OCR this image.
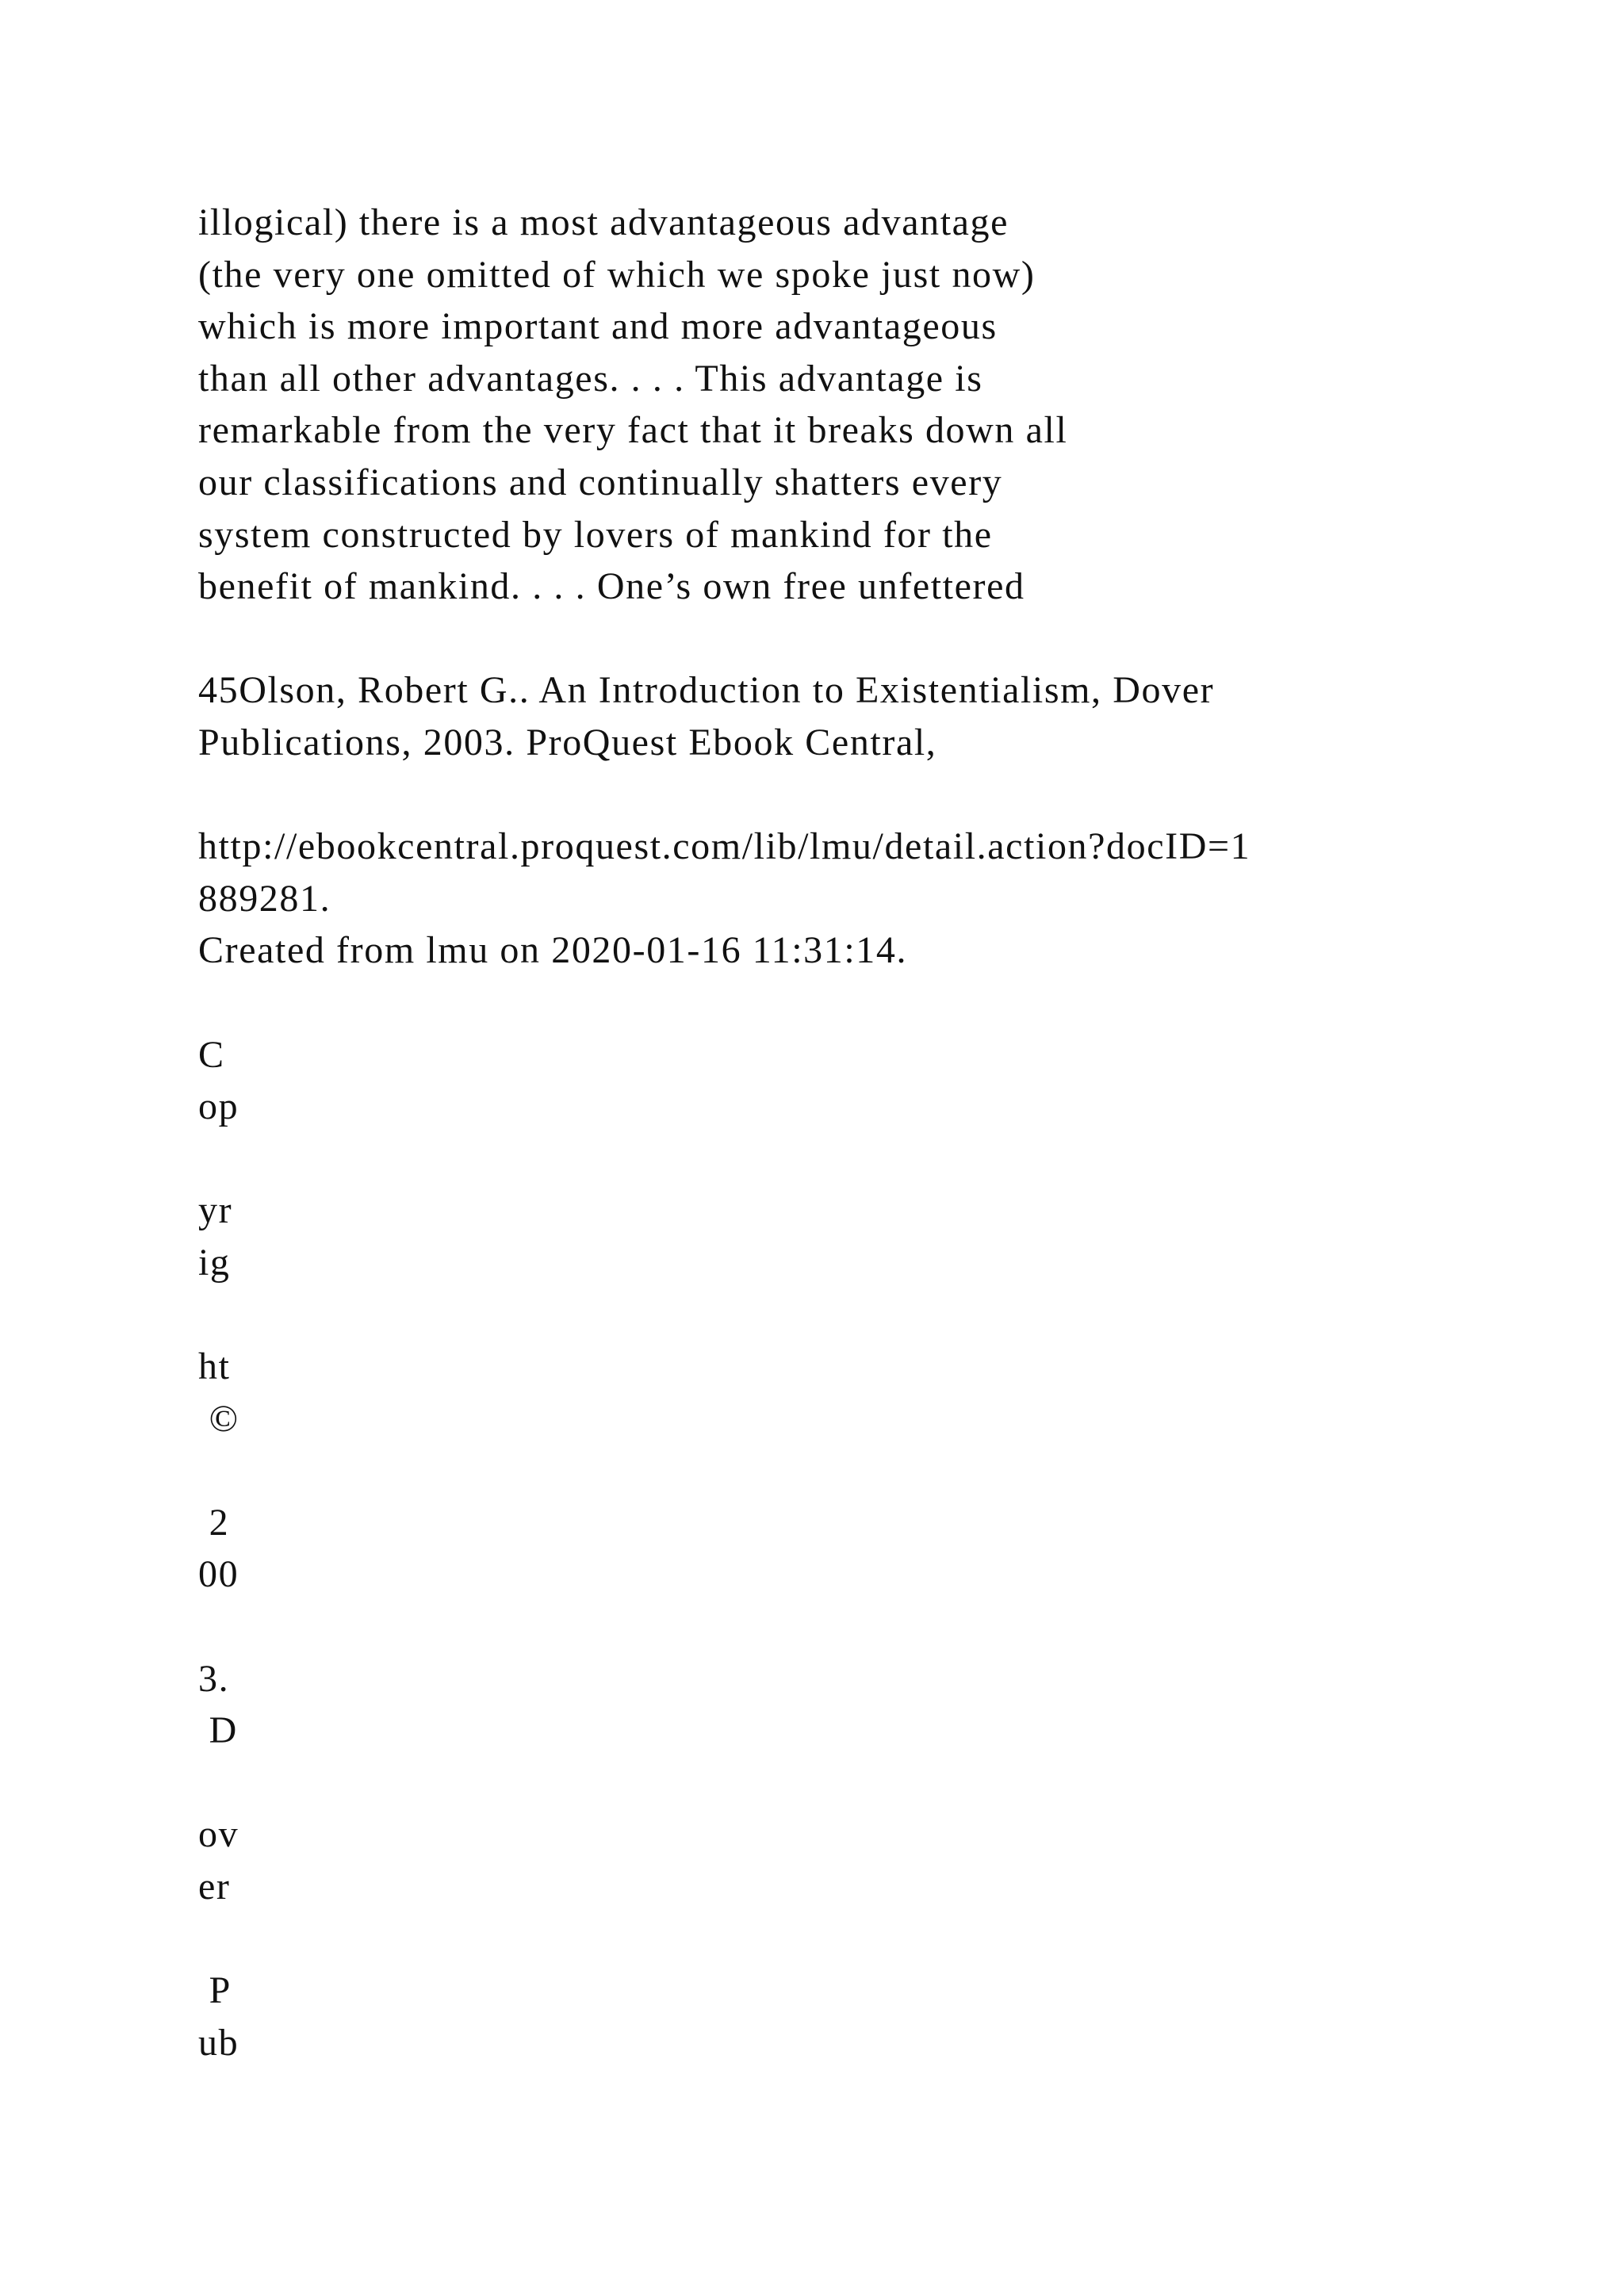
illogical) there is a most advantageous advantage
(the very one omitted of which we spoke just now)
which is more important and more advantageous
than all other advantages. . . . This advantage is
remarkable from the very fact that it breaks down all
our classifications and continually shatters every
system constructed by lovers of mankind for the
benefit of mankind. . . . One’s own free unfettered
45Olson, Robert G.. An Introduction to Existentialism, Dover
Publications, 2003. ProQuest Ebook Central,
http://ebookcentral.proquest.com/lib/lmu/detail.action?docID=1
889281.
Created from lmu on 2020-01-16 11:31:14.
C
op
yr
ig
ht
©
2
00
3.
D
ov
er
P
ub
